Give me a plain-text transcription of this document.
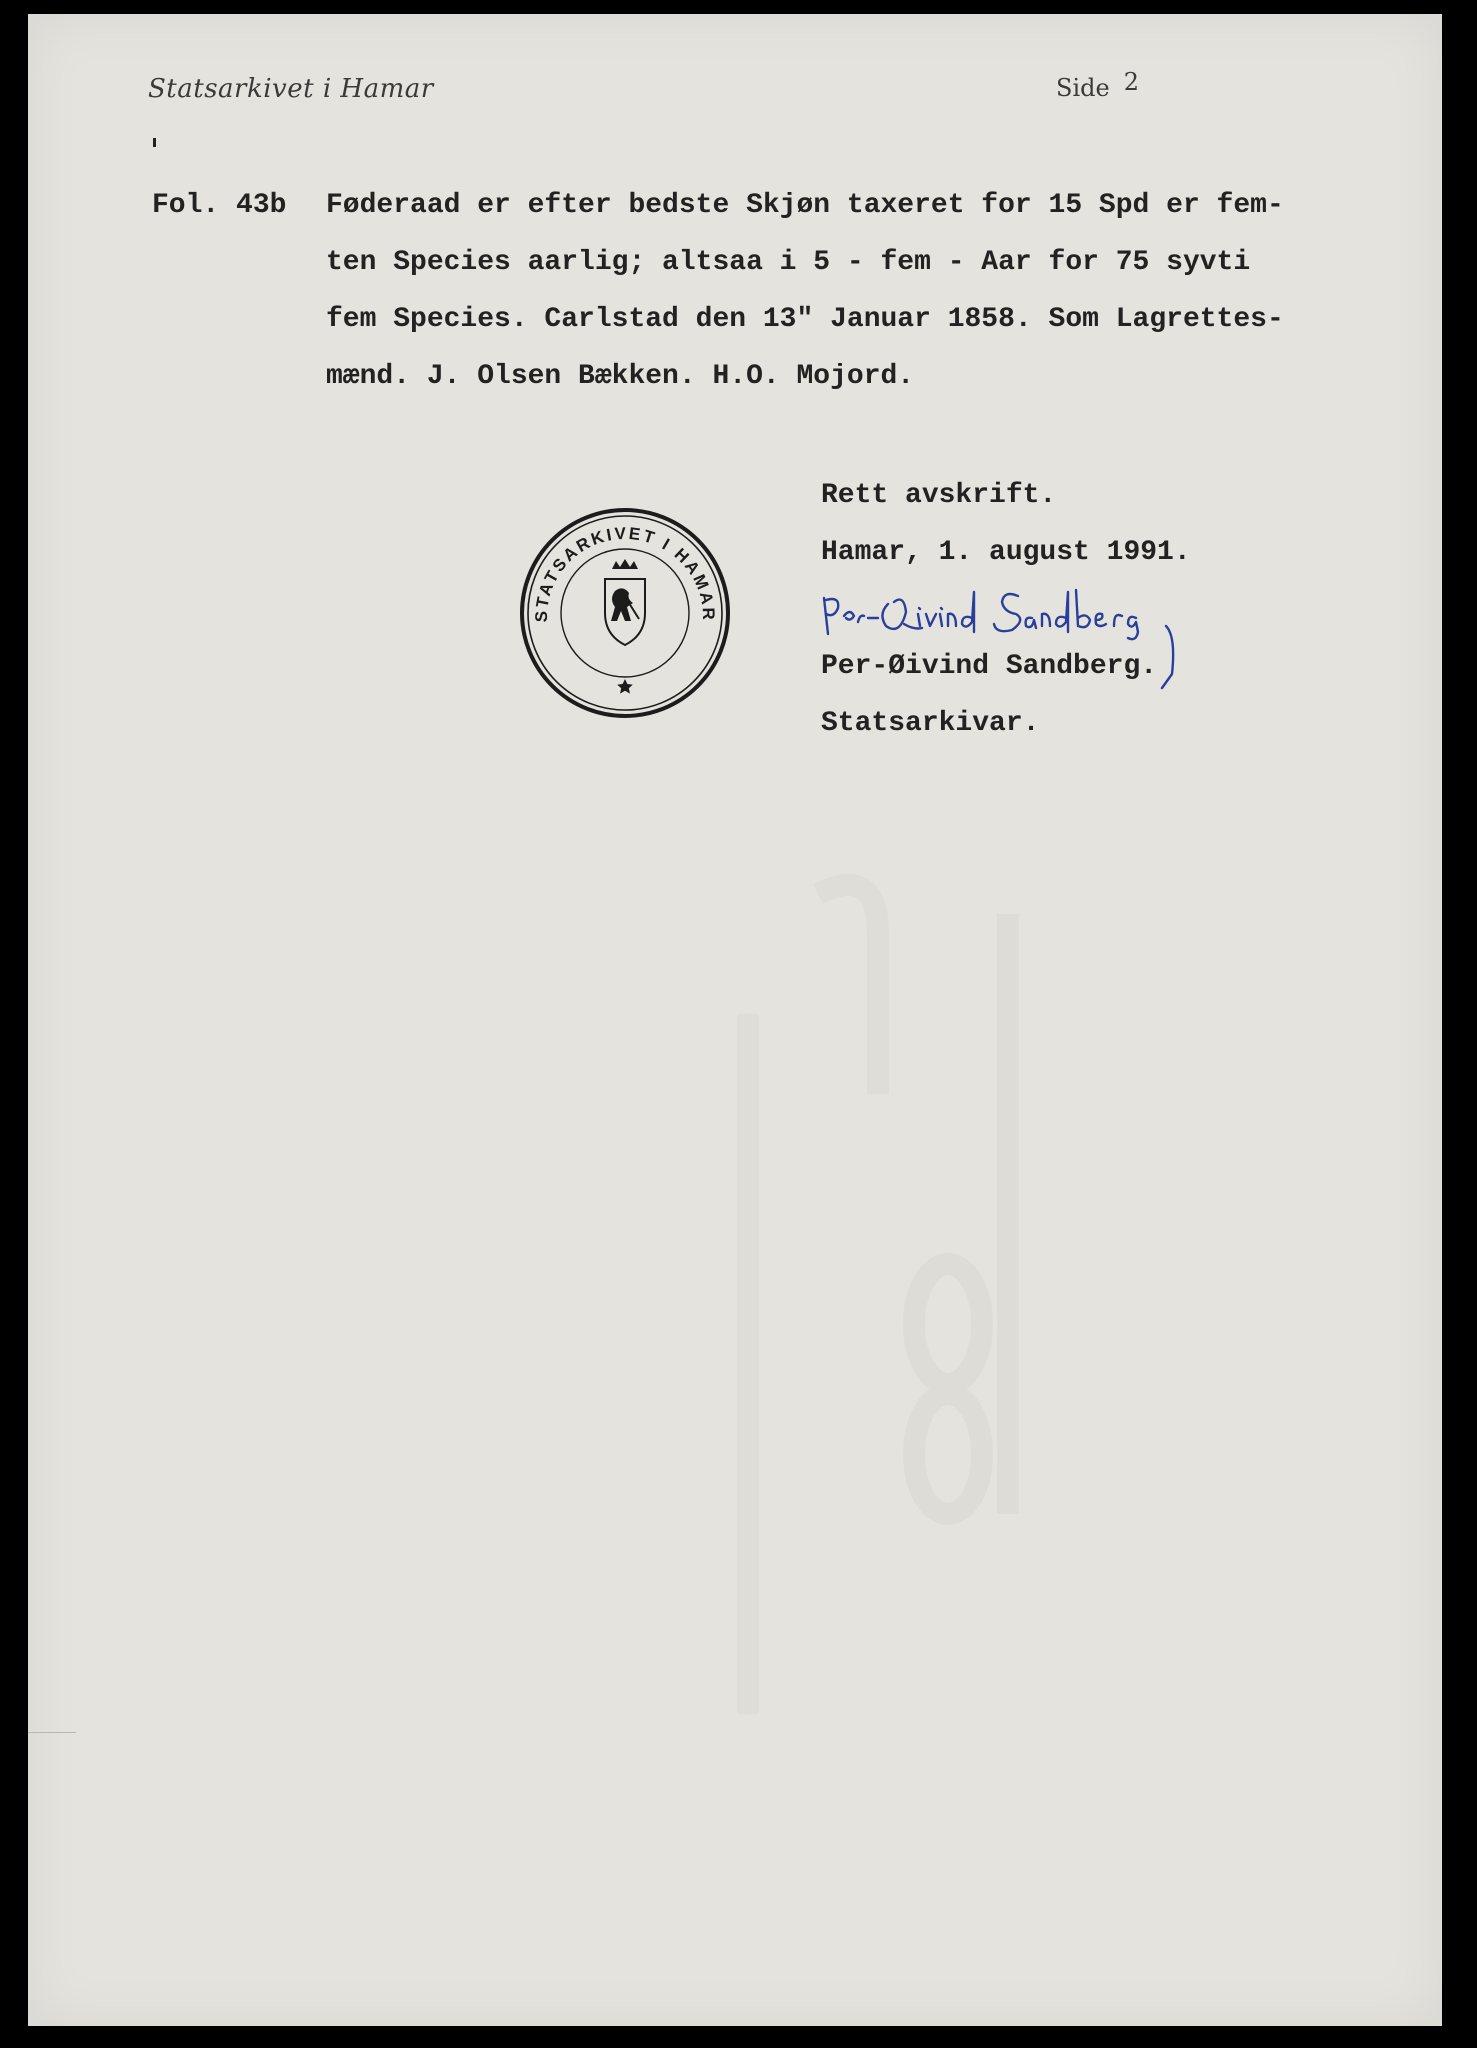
Statsarkivet i Hamar	Side 2
Fol. 43b Føderaad er efter bedste Skjøn taxeret for 15 Spd er fem-
ten Species aarlig; altsaa i 5 - fem - Aar for 75 syvti
fem Species. Carlstad den 13" Januar 1858. Som Lagrettes-
mænd. J. Olsen Bækken. H.O. Mojord.
STATSARKIVET I HAMAR
Rett avskrift.
Hamar, 1. august 1991.
Per-Øivind Sandberg.
Statsarkivar.
